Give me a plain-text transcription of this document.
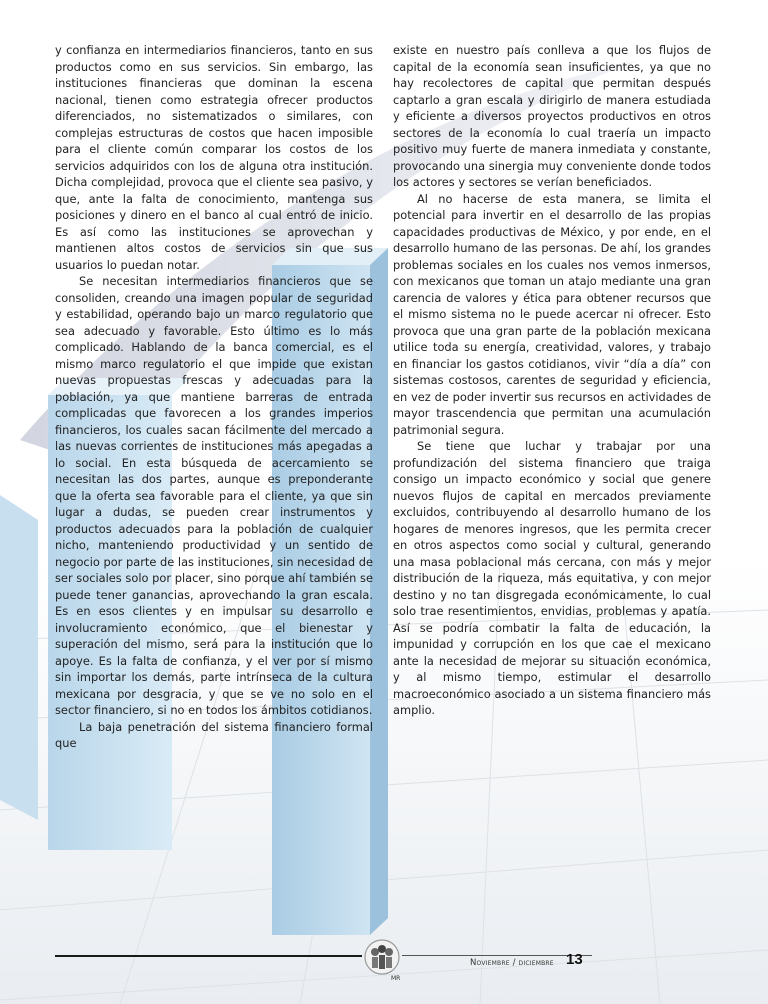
y confianza en intermediarios financieros, tanto en sus productos como en sus servicios. Sin embargo, las instituciones financieras que dominan la escena nacional, tienen como estrategia ofrecer productos diferenciados, no sistematizados o similares, con complejas estructuras de costos que hacen imposible para el cliente común comparar los costos de los servicios adquiridos con los de alguna otra institución. Dicha complejidad, provoca que el cliente sea pasivo, y que, ante la falta de conocimiento, mantenga sus posiciones y dinero en el banco al cual entró de inicio. Es así como las instituciones se aprovechan y mantienen altos costos de servicios sin que sus usuarios lo puedan notar.

Se necesitan intermediarios financieros que se consoliden, creando una imagen popular de seguridad y estabilidad, operando bajo un marco regulatorio que sea adecuado y favorable. Esto último es lo más complicado. Hablando de la banca comercial, es el mismo marco regulatorio el que impide que existan nuevas propuestas frescas y adecuadas para la población, ya que mantiene barreras de entrada complicadas que favorecen a los grandes imperios financieros, los cuales sacan fácilmente del mercado a las nuevas corrientes de instituciones más apegadas a lo social. En esta búsqueda de acercamiento se necesitan las dos partes, aunque es preponderante que la oferta sea favorable para el cliente, ya que sin lugar a dudas, se pueden crear instrumentos y productos adecuados para la población de cualquier nicho, manteniendo productividad y un sentido de negocio por parte de las instituciones, sin necesidad de ser sociales solo por placer, sino porque ahí también se puede tener ganancias, aprovechando la gran escala. Es en esos clientes y en impulsar su desarrollo e involucramiento económico, que el bienestar y superación del mismo, será para la institución que lo apoye. Es la falta de confianza, y el ver por sí mismo sin importar los demás, parte intrínseca de la cultura mexicana por desgracia, y que se ve no solo en el sector financiero, si no en todos los ámbitos cotidianos.

La baja penetración del sistema financiero formal que

existe en nuestro país conlleva a que los flujos de capital de la economía sean insuficientes, ya que no hay recolectores de capital que permitan después captarlo a gran escala y dirigirlo de manera estudiada y eficiente a diversos proyectos productivos en otros sectores de la economía lo cual traería un impacto positivo muy fuerte de manera inmediata y constante, provocando una sinergia muy conveniente donde todos los actores y sectores se verían beneficiados.

Al no hacerse de esta manera, se limita el potencial para invertir en el desarrollo de las propias capacidades productivas de México, y por ende, en el desarrollo humano de las personas. De ahí, los grandes problemas sociales en los cuales nos vemos inmersos, con mexicanos que toman un atajo mediante una gran carencia de valores y ética para obtener recursos que el mismo sistema no le puede acercar ni ofrecer. Esto provoca que una gran parte de la población mexicana utilice toda su energía, creatividad, valores, y trabajo en financiar los gastos cotidianos, vivir “día a día” con sistemas costosos, carentes de seguridad y eficiencia, en vez de poder invertir sus recursos en actividades de mayor trascendencia que permitan una acumulación patrimonial segura.

Se tiene que luchar y trabajar por una profundización del sistema financiero que traiga consigo un impacto económico y social que genere nuevos flujos de capital en mercados previamente excluidos, contribuyendo al desarrollo humano de los hogares de menores ingresos, que les permita crecer en otros aspectos como social y cultural, generando una masa poblacional más cercana, con más y mejor distribución de la riqueza, más equitativa, y con mejor destino y no tan disgregada económicamente, lo cual solo trae resentimientos, envidias, problemas y apatía. Así se podría combatir la falta de educación, la impunidad y corrupción en los que cae el mexicano ante la necesidad de mejorar su situación económica, y al mismo tiempo, estimular el desarrollo macroeconómico asociado a un sistema financiero más amplio.

MR
Noviembre / diciembre 13
